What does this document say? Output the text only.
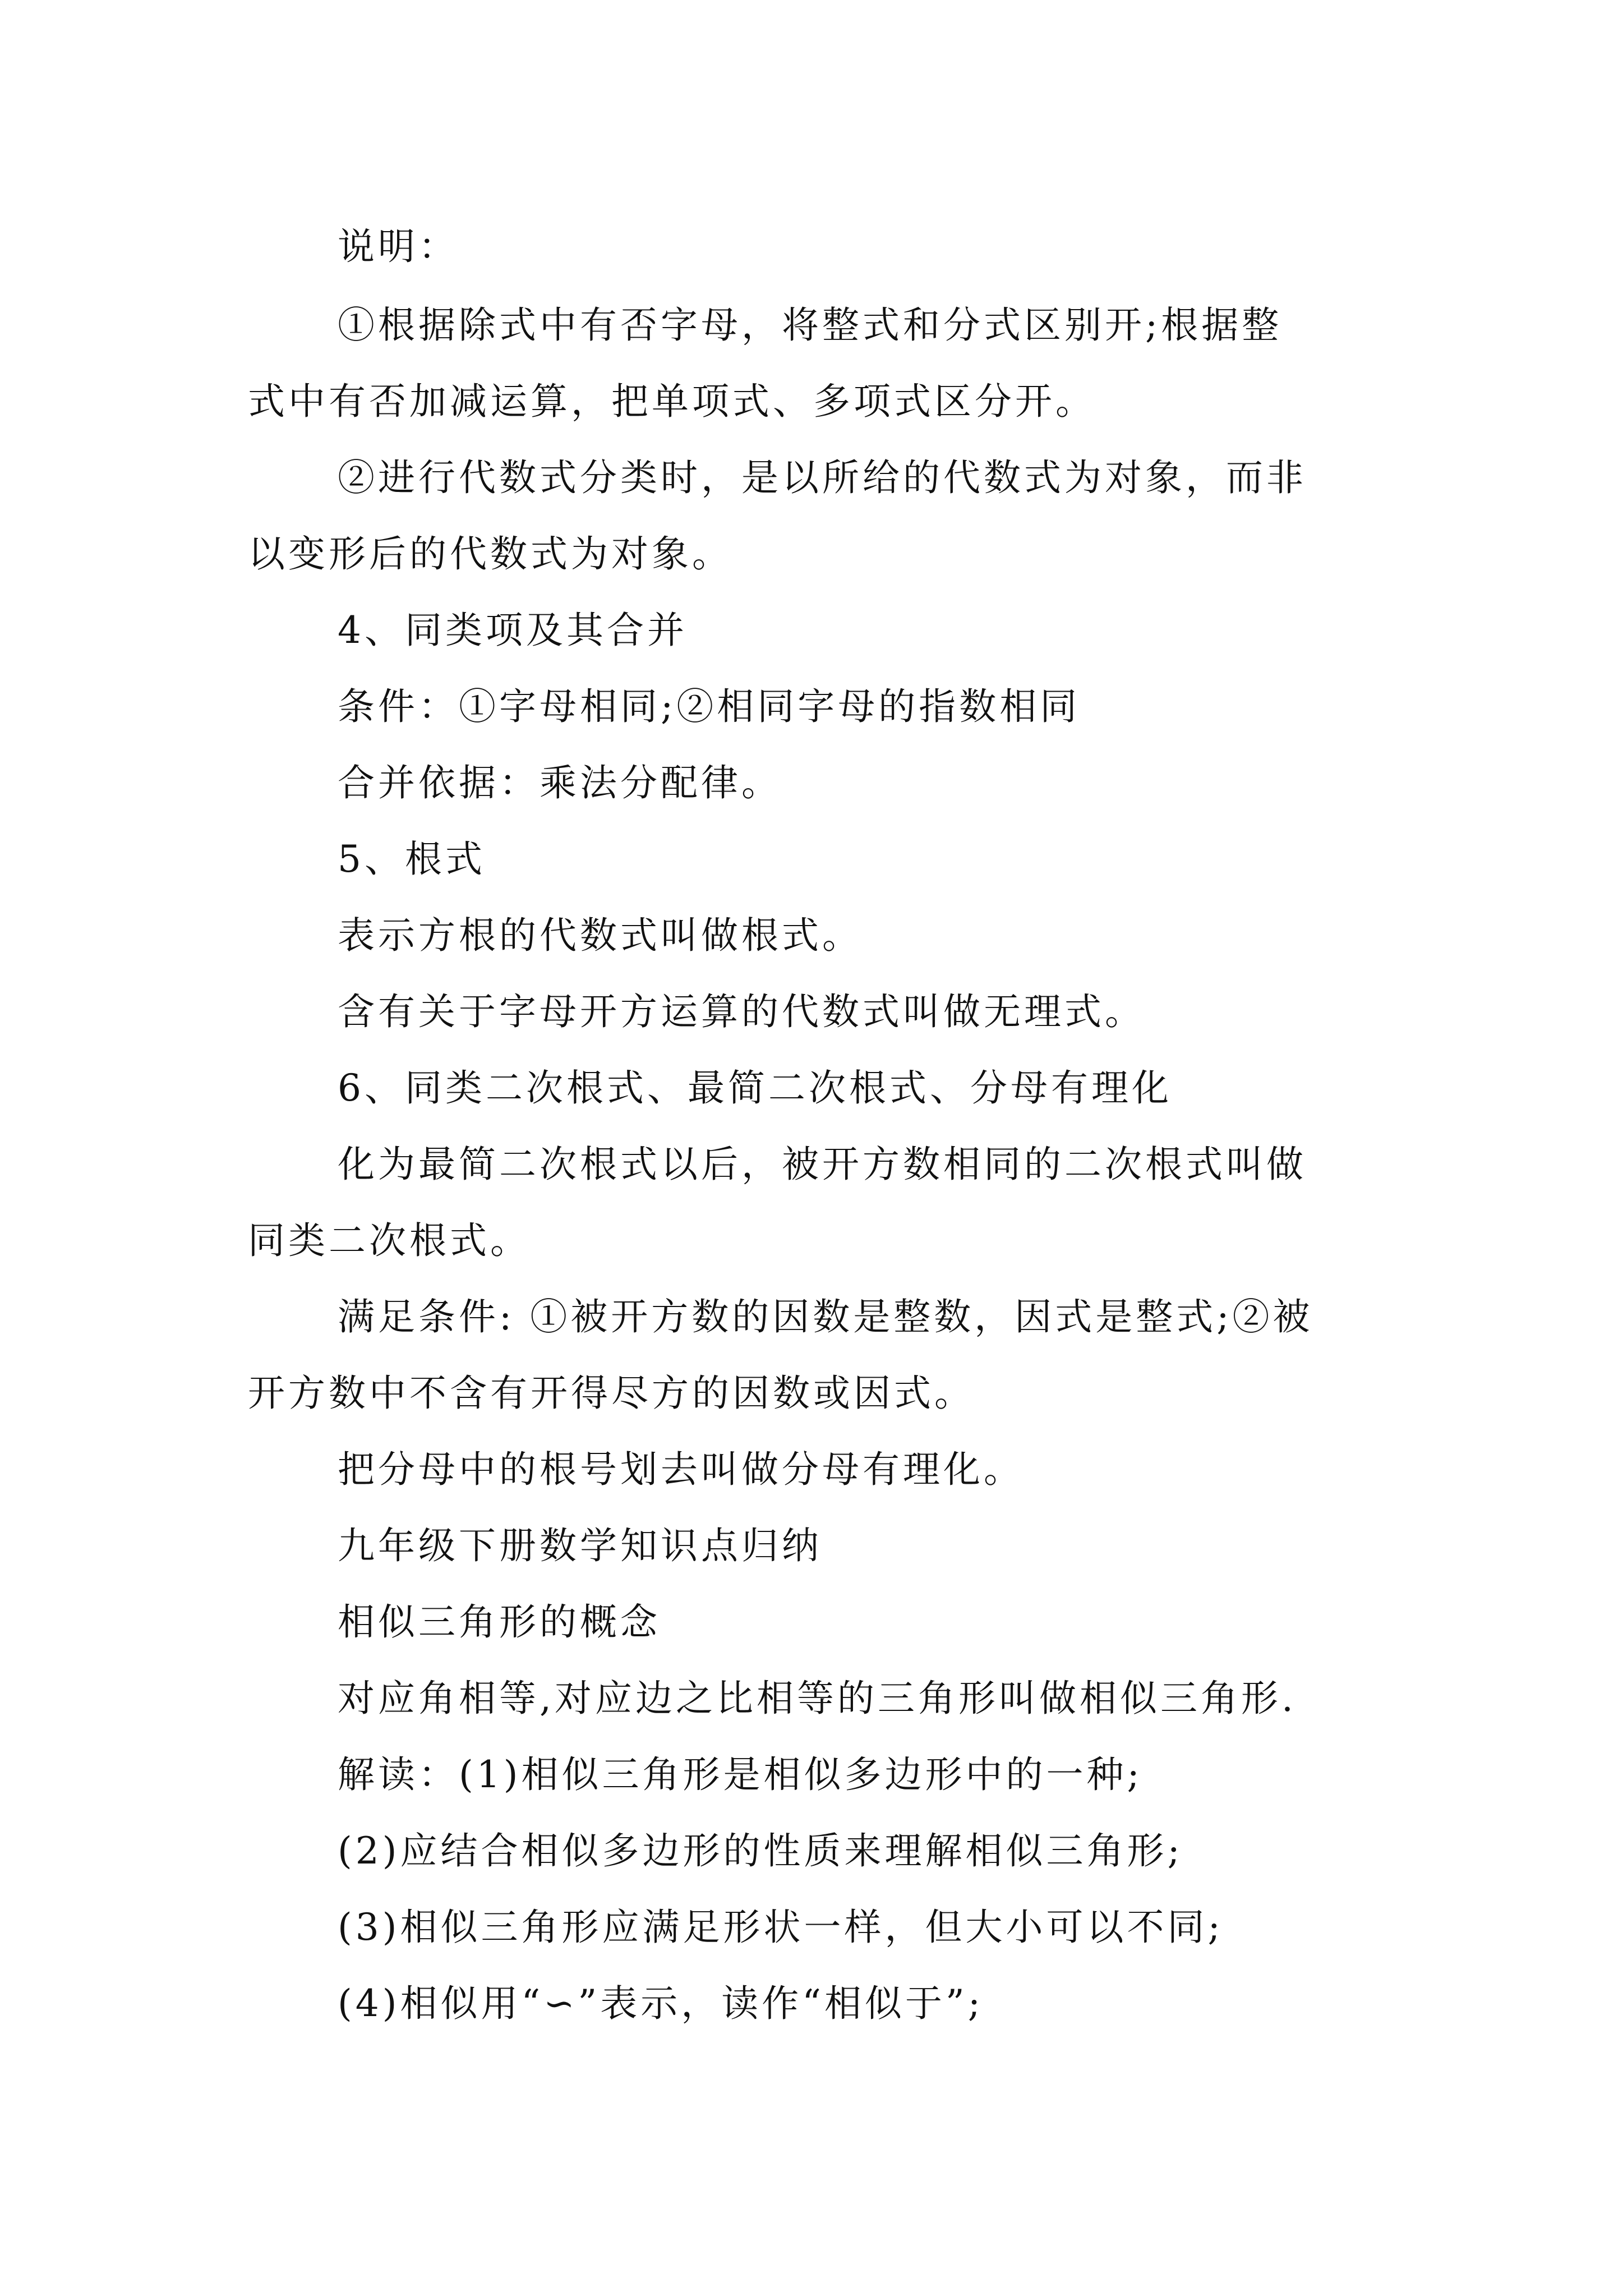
说明：
①根据除式中有否字母，将整式和分式区别开;根据整
式中有否加减运算，把单项式、多项式区分开。
②进行代数式分类时，是以所给的代数式为对象，而非
以变形后的代数式为对象。
4、同类项及其合并
条件：①字母相同;②相同字母的指数相同
合并依据：乘法分配律。
5、根式
表示方根的代数式叫做根式。
含有关于字母开方运算的代数式叫做无理式。
6、同类二次根式、最简二次根式、分母有理化
化为最简二次根式以后，被开方数相同的二次根式叫做
同类二次根式。
满足条件: ①被开方数的因数是整数，因式是整式;②被
开方数中不含有开得尽方的因数或因式。
把分母中的根号划去叫做分母有理化。
九年级下册数学知识点归纳
相似三角形的概念
对应角相等,对应边之比相等的三角形叫做相似三角形.
解读：(1)相似三角形是相似多边形中的一种;
(2)应结合相似多边形的性质来理解相似三角形;
(3)相似三角形应满足形状一样，但大小可以不同;
(4)相似用“∽”表示，读作“相似于”;
